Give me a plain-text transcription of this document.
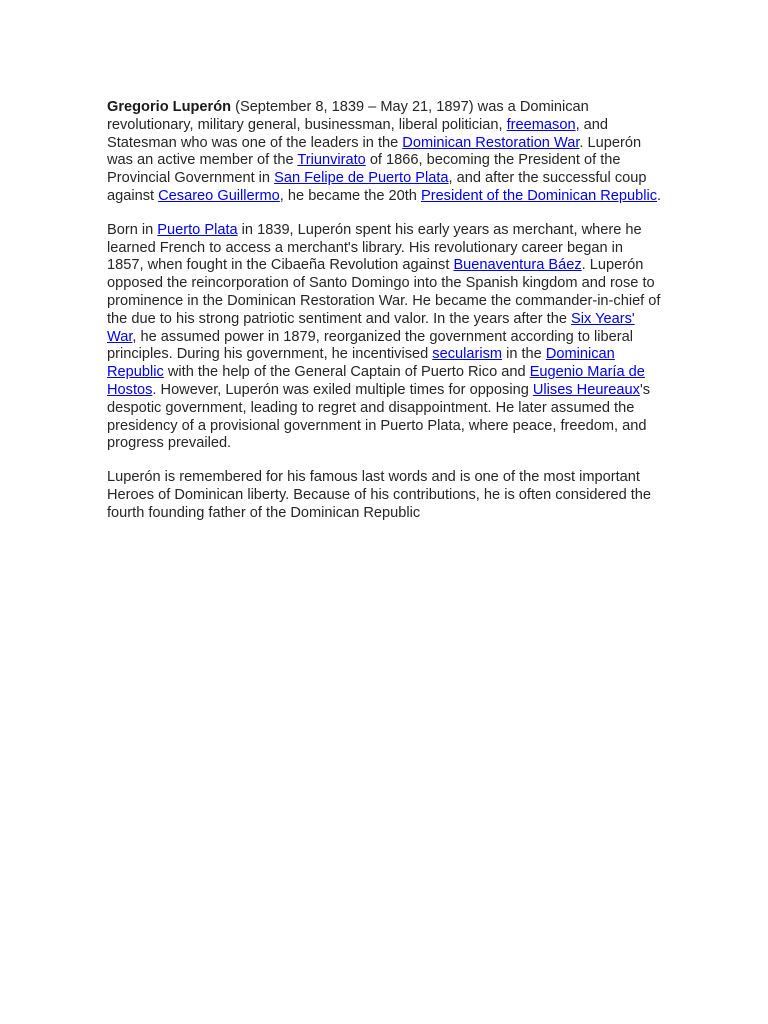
Gregorio Luperón (September 8, 1839 – May 21, 1897) was a Dominican revolutionary, military general, businessman, liberal politician, freemason, and Statesman who was one of the leaders in the Dominican Restoration War. Luperón was an active member of the Triunvirato of 1866, becoming the President of the Provincial Government in San Felipe de Puerto Plata, and after the successful coup against Cesareo Guillermo, he became the 20th President of the Dominican Republic.

Born in Puerto Plata in 1839, Luperón spent his early years as merchant, where he learned French to access a merchant's library. His revolutionary career began in 1857, when fought in the Cibaeña Revolution against Buenaventura Báez. Luperón opposed the reincorporation of Santo Domingo into the Spanish kingdom and rose to prominence in the Dominican Restoration War. He became the commander-in-chief of the due to his strong patriotic sentiment and valor. In the years after the Six Years' War, he assumed power in 1879, reorganized the government according to liberal principles. During his government, he incentivised secularism in the Dominican Republic with the help of the General Captain of Puerto Rico and Eugenio María de Hostos. However, Luperón was exiled multiple times for opposing Ulises Heureaux's despotic government, leading to regret and disappointment. He later assumed the presidency of a provisional government in Puerto Plata, where peace, freedom, and progress prevailed.

Luperón is remembered for his famous last words and is one of the most important Heroes of Dominican liberty. Because of his contributions, he is often considered the fourth founding father of the Dominican Republic
